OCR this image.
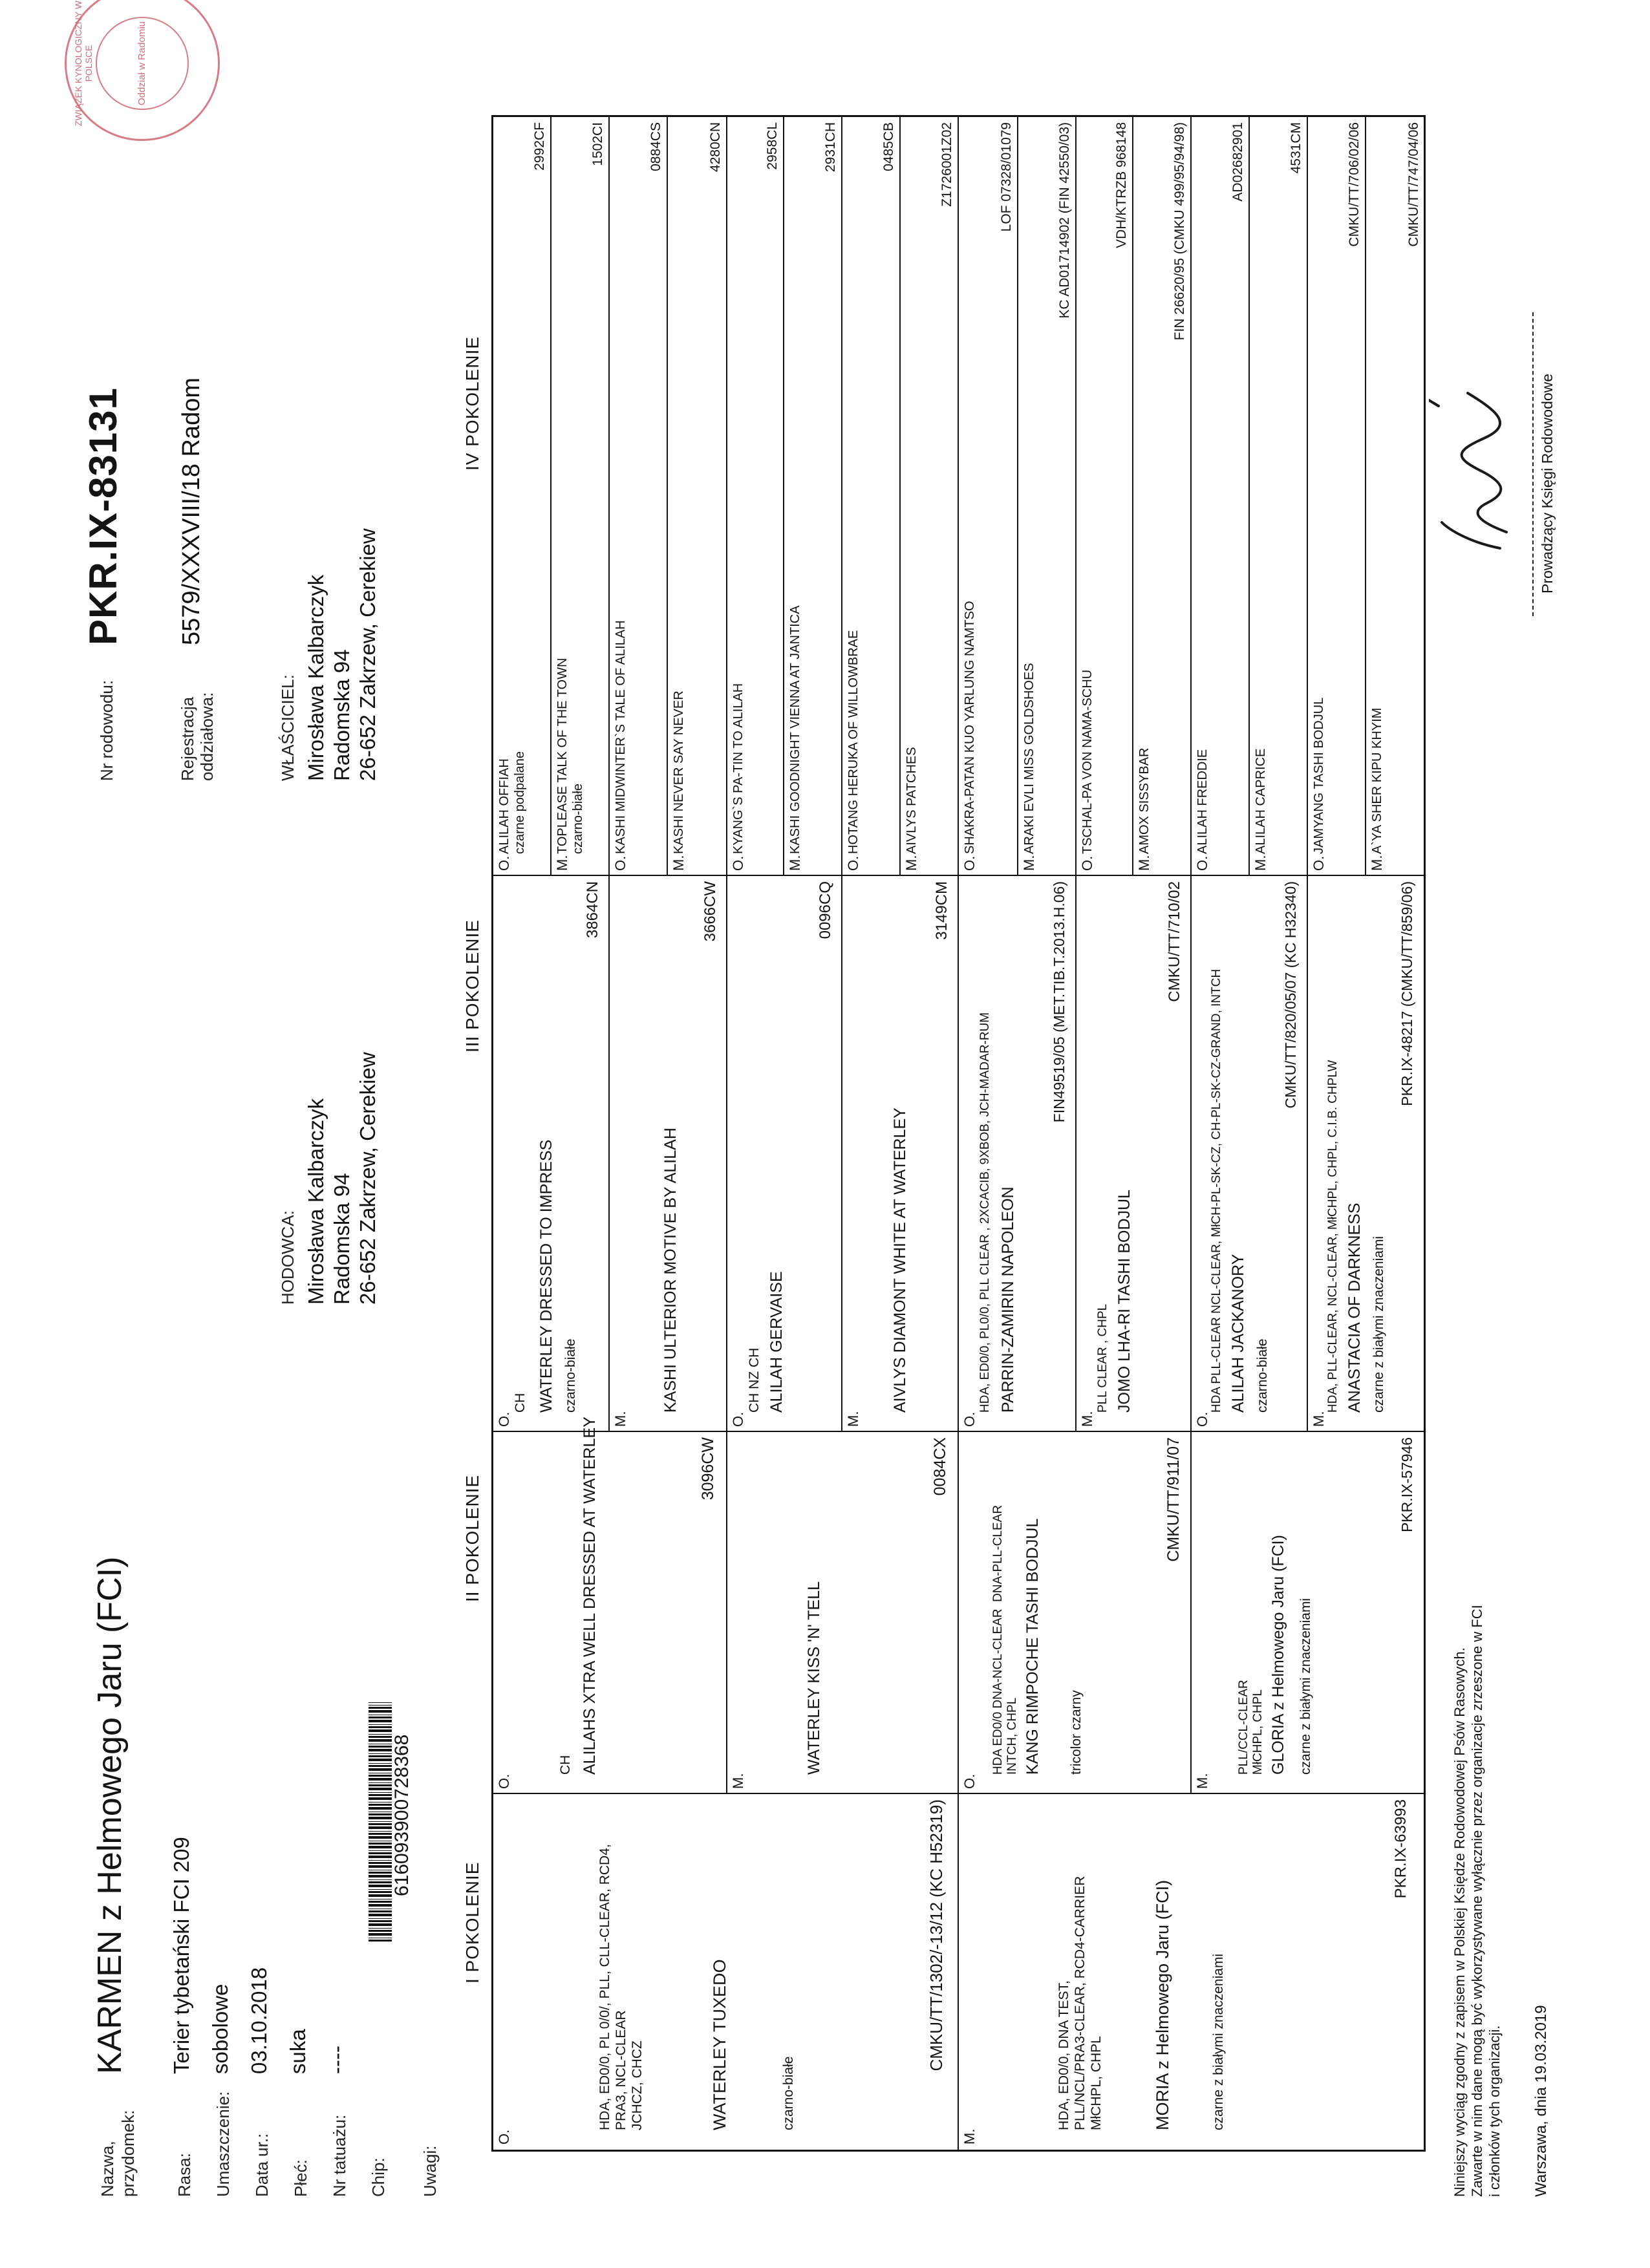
Nazwa,
przydomek:
KARMEN z Helmowego Jaru (FCI)
Nr rodowodu:
PKR.IX-83131
Rasa:
Terier tybetański FCI 209
Umaszczenie:
sobolowe
Data ur.:
03.10.2018
Płeć:
suka
Nr tatuażu:
----
Chip:
616093900728368
Uwagi:
Rejestracja
oddziałowa:
5579/XXXVIII/18 Radom
HODOWCA: Mirosława Kalbarczyk Radomska 94 26-652 Zakrzew, Cerekiew
WŁAŚCICIEL: Mirosława Kalbarczyk Radomska 94 26-652 Zakrzew, Cerekiew
I POKOLENIE
II POKOLENIE
III POKOLENIE
IV POKOLENIE
O.
HDA, ED0/0, PL 0/0/, PLL, CLL-CLEAR, RCD4,
PRA3, NCL-CLEAR
JCHCZ, CHCZ	WATERLEY TUXEDO	czarno-białe
CMKU/TT/1302/-13/12 (KC H52319)
M.
HDA, ED0/0, DNA TEST,
PLL/NCL/PRA3-CLEAR, RCD4-CARRIER
MłCHPL, CHPL	MORIA z Helmowego Jaru (FCI)	czarne z białymi znaczeniami
PKR.IX-63993
O.
CH ALILAHS XTRA WELL DRESSED AT WATERLEY	3096CW
M.
WATERLEY KISS 'N' TELL
0084CX
O.
HDA ED0/0 DNA-NCL-CLEAR  DNA-PLL-CLEAR
INTCH, CHPL KANG RIMPOCHE TASHI BODJUL tricolor czarny
CMKU/TT/911/07
M.
PLL/CCL-CLEAR
MłCHPL, CHPL GLORIA z Helmowego Jaru (FCI) czarne z białymi znaczeniami
PKR.IX-57946
O.
CH WATERLEY DRESSED TO IMPRESS czarno-białe
3864CN
M.
KASHI ULTERIOR MOTIVE BY ALILAH
3666CW
O.
CH NZ CH ALILAH GERVAISE
0096CQ
M.
AIVLYS DIAMONT WHITE AT WATERLEY
3149CM
O.
HDA, ED0/0, PL0/0, PLL CLEAR , 2XCACIB, 9XBOB, JCH-MADAR-RUM PARRIN-ZAMIRIN NAPOLEON
FIN49519/05 (MET.TIB.T.2013.H.06)
M.
PLL CLEAR , CHPL JOMO LHA-RI TASHI BODJUL
CMKU/TT/710/02
O.
HDA PLL-CLEAR NCL-CLEAR, MłCH-PL-SK-CZ, CH-PL-SK-CZ-GRAND, INTCH ALILAH JACKANORY czarno-białe
CMKU/TT/820/05/07 (KC H32340)
M.
HDA, PLL-CLEAR, NCL-CLEAR, MłCHPL, CHPL, C.I.B. CHPLW ANASTACIA OF DARKNESS czarne z białymi znaczeniami
PKR.IX-48217 (CMKU/TT/859/06)
O.
ALILAH OFFIAH czarne podpalane
2992CF
M.
TOPLEASE TALK OF THE TOWN czarno-białe
1502CI
O.
KASHI MIDWINTER`S TALE OF ALILAH
0884CS
M.
KASHI NEVER SAY NEVER
4280CN
O.
KYANG`S PA-TIN TO ALILAH
2958CL
M.
KASHI GOODNIGHT VIENNA AT JANTICA
2931CH
O.
HOTANG HERUKA OF WILLOWBRAE
0485CB
M.
AIVLYS PATCHES
Z1726001Z02
O.
SHAKRA-PATAN KUO YARLUNG NAMTSO
LOF 07328/01079
M.
ARAKI EVLI MISS GOLDSHOES
KC AD01714902 (FIN 42550/03)
O.
TSCHAL-PA VON NAMA-SCHU
VDH/KTRZB 968148
M.
AMOX SISSYBAR
FIN 26620/95 (CMKU 499/95/94/98)
O.
ALILAH FREDDIE
AD02682901
M.
ALILAH CAPRICE
4531CM
O.
JAMYANG TASHI BODJUL
CMKU/TT/706/02/06
M.
A`YA SHER KIPU KHYIM
CMKU/TT/747/04/06
Niniejszy wyciąg zgodny z zapisem w Polskiej Księdze Rodowodowej Psów Rasowych. Zawarte w nim dane mogą być wykorzystywane wyłącznie przez organizacje zrzeszone w FCI i członków tych organizacji. Warszawa, dnia 19.03.2019
Prowadzący Księgi Rodowodowe
ZWIĄZEK KYNOLOGICZNY W POLSCE	Oddział w Radomiu
